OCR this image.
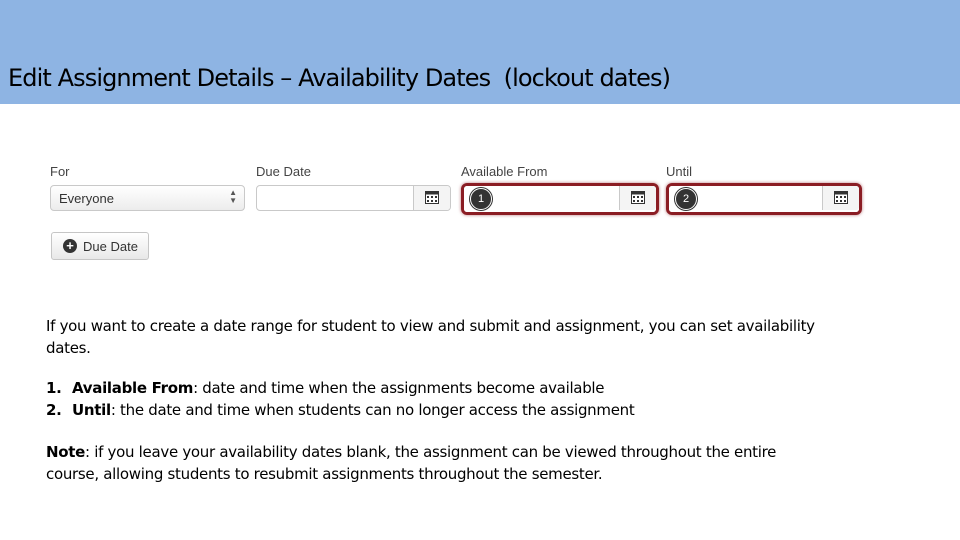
Edit Assignment Details – Availability Dates  (lockout dates)
For
Everyone	▲
▼
Due Date	Available From
1
Until
2
+ Due Date

If you want to create a date range for student to view and submit and assignment, you can set availability dates.

1. Available From: date and time when the assignments become available
2. Until: the date and time when students can no longer access the assignment

Note: if you leave your availability dates blank, the assignment can be viewed throughout the entire course, allowing students to resubmit assignments throughout the semester.
